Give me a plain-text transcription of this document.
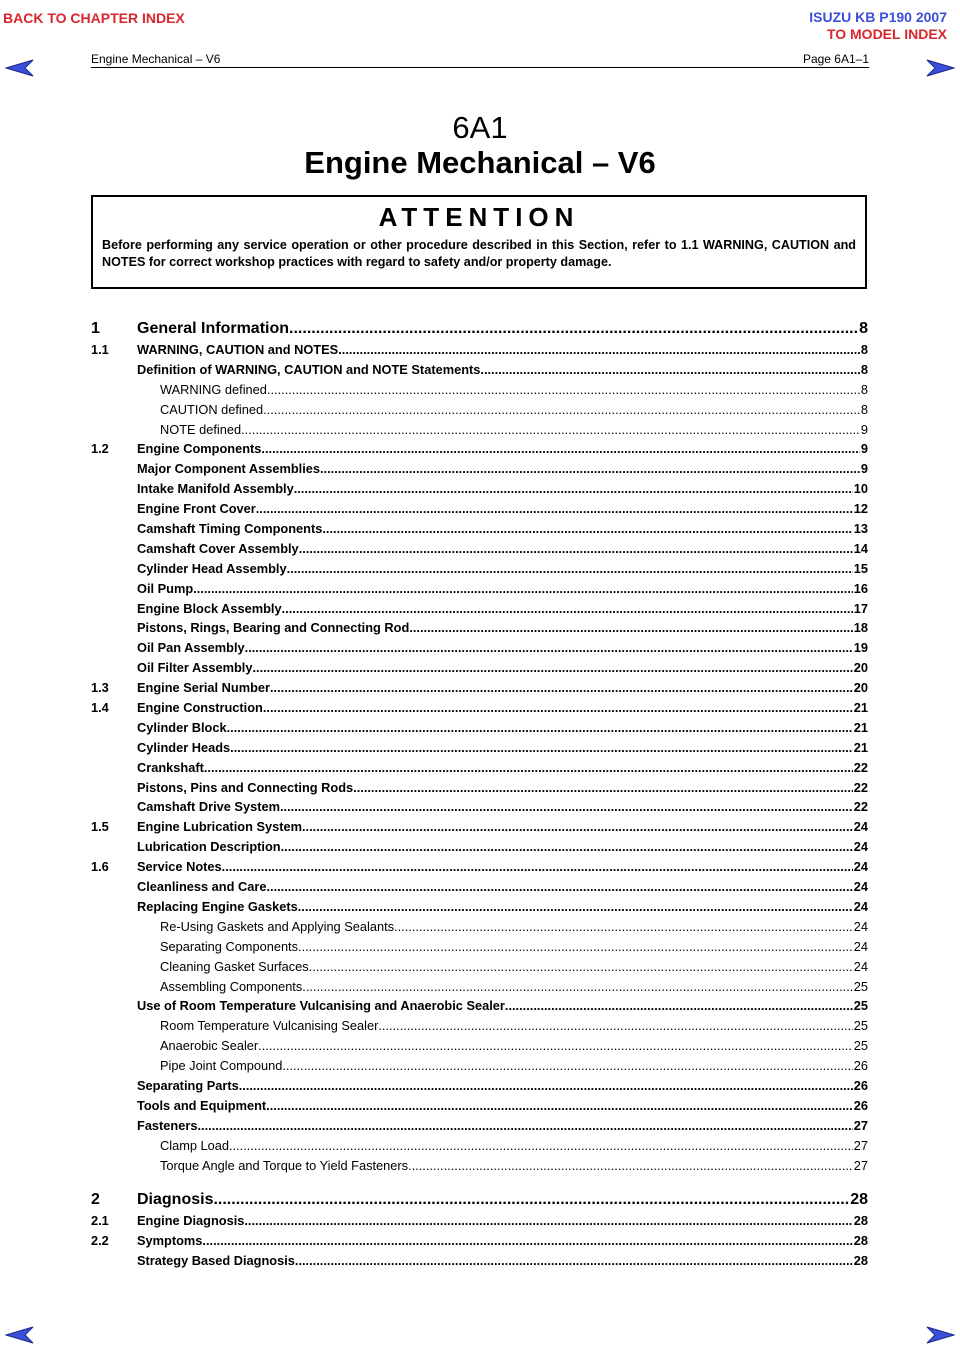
BACK TO CHAPTER INDEX	ISUZU KB P190 2007
TO MODEL INDEX
Engine Mechanical – V6	Page 6A1–1
6A1
Engine Mechanical – V6
ATTENTION
Before performing any service operation or other procedure described in this Section, refer to 1.1 WARNING, CAUTION and NOTES for correct workshop practices with regard to safety and/or property damage.
1	General Information .....	8
1.1	WARNING, CAUTION and NOTES .....	8
Definition of WARNING, CAUTION and NOTE Statements .....	8
WARNING defined .....	8
CAUTION defined .....	8
NOTE defined .....	9
1.2	Engine Components .....	9
Major Component Assemblies .....	9
Intake Manifold Assembly .....	10
Engine Front Cover .....	12
Camshaft Timing Components .....	13
Camshaft Cover Assembly .....	14
Cylinder Head Assembly .....	15
Oil Pump .....	16
Engine Block Assembly .....	17
Pistons, Rings, Bearing and Connecting Rod .....	18
Oil Pan Assembly .....	19
Oil Filter Assembly .....	20
1.3	Engine Serial Number .....	20
1.4	Engine Construction .....	21
Cylinder Block .....	21
Cylinder Heads .....	21
Crankshaft .....	22
Pistons, Pins and Connecting Rods .....	22
Camshaft Drive System .....	22
1.5	Engine Lubrication System .....	24
Lubrication Description .....	24
1.6	Service Notes .....	24
Cleanliness and Care .....	24
Replacing Engine Gaskets .....	24
Re-Using Gaskets and Applying Sealants .....	24
Separating Components .....	24
Cleaning Gasket Surfaces .....	24
Assembling Components .....	25
Use of Room Temperature Vulcanising and Anaerobic Sealer .....	25
Room Temperature Vulcanising Sealer .....	25
Anaerobic Sealer .....	25
Pipe Joint Compound .....	26
Separating Parts .....	26
Tools and Equipment .....	26
Fasteners .....	27
Clamp Load .....	27
Torque Angle and Torque to Yield Fasteners .....	27
2	Diagnosis .....	28
2.1	Engine Diagnosis .....	28
2.2	Symptoms .....	28
Strategy Based Diagnosis .....	28
